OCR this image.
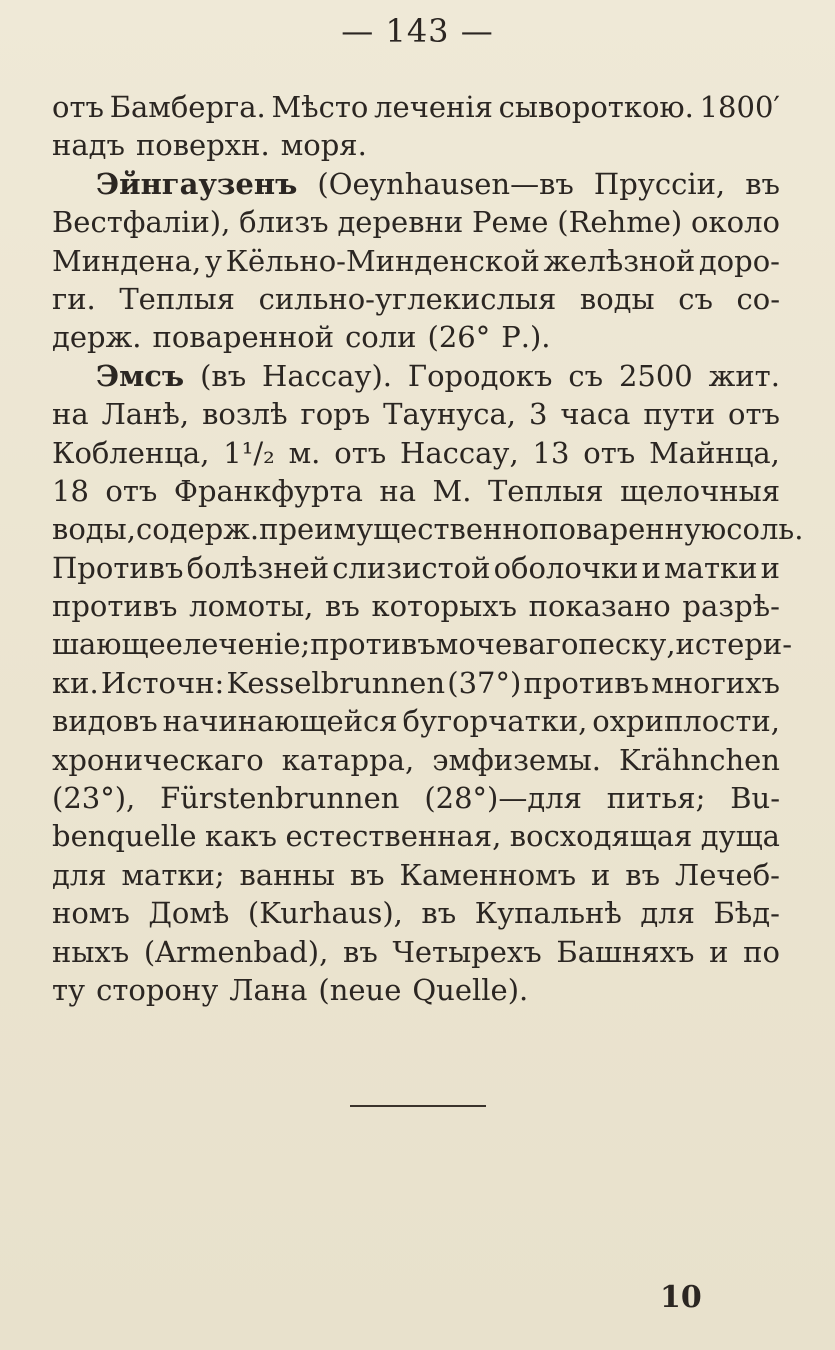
— 143 —
отъ Бамберга. Мѣсто леченія сывороткою. 1800′
надъ поверхн. моря.
Эйнгаузенъ (Oeynhausen—въ Пруссіи, въ
Вестфаліи), близъ деревни Реме (Rehme) около
Миндена, у Кёльно-Минденской желѣзной доро-
ги. Теплыя сильно-углекислыя воды съ со-
держ. поваренной соли (26° Р.).
Эмсъ (въ Нассау). Городокъ съ 2500 жит.
на Ланѣ, возлѣ горъ Таунуса, 3 часа пути отъ
Кобленца, 1¹/₂ м. отъ Нассау, 13 отъ Майнца,
18 отъ Франкфурта на М. Теплыя щелочныя
воды, содерж. преимущественно поваренную соль.
Противъ болѣзней слизистой оболочки и матки и
противъ ломоты, въ которыхъ показано разрѣ-
шающее леченіе; противъ мочеваго песку, истери-
ки. Источн: Kesselbrunnen (37°) противъ многихъ
видовъ начинающейся бугорчатки, охриплости,
хроническаго катарра, эмфиземы. Krähnchen
(23°), Fürstenbrunnen (28°)—для питья; Bu-
benquelle какъ естественная, восходящая дуща
для матки; ванны въ Каменномъ и въ Лечеб-
номъ Домѣ (Kurhaus), въ Купальнѣ для Бѣд-
ныхъ (Armenbad), въ Четырехъ Башняхъ и по
ту сторону Лана (neue Quelle).
10
